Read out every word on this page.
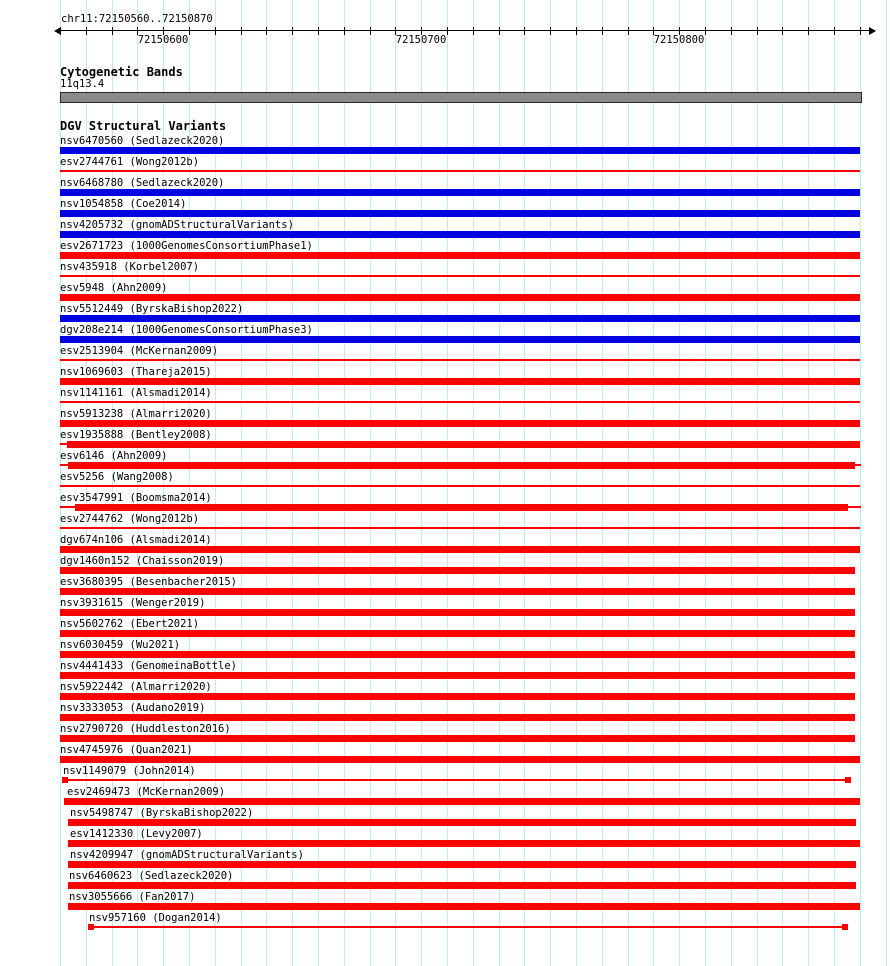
chr11:72150560..72150870
72150600	72150700	72150800
Cytogenetic Bands
11q13.4
DGV Structural Variants
nsv6470560 (Sedlazeck2020)
esv2744761 (Wong2012b)
nsv6468780 (Sedlazeck2020)
nsv1054858 (Coe2014)
nsv4205732 (gnomADStructuralVariants)
esv2671723 (1000GenomesConsortiumPhase1)
nsv435918 (Korbel2007)
esv5948 (Ahn2009)
nsv5512449 (ByrskaBishop2022)
dgv208e214 (1000GenomesConsortiumPhase3)
esv2513904 (McKernan2009)
nsv1069603 (Thareja2015)
nsv1141161 (Alsmadi2014)
nsv5913238 (Almarri2020)
esv1935888 (Bentley2008)
esv6146 (Ahn2009)
esv5256 (Wang2008)
esv3547991 (Boomsma2014)
esv2744762 (Wong2012b)
dgv674n106 (Alsmadi2014)
dgv1460n152 (Chaisson2019)
esv3680395 (Besenbacher2015)
nsv3931615 (Wenger2019)
nsv5602762 (Ebert2021)
nsv6030459 (Wu2021)
nsv4441433 (GenomeinaBottle)
nsv5922442 (Almarri2020)
nsv3333053 (Audano2019)
nsv2790720 (Huddleston2016)
nsv4745976 (Quan2021)
nsv1149079 (John2014)
esv2469473 (McKernan2009)
nsv5498747 (ByrskaBishop2022)
esv1412330 (Levy2007)
nsv4209947 (gnomADStructuralVariants)
nsv6460623 (Sedlazeck2020)
nsv3055666 (Fan2017)
nsv957160 (Dogan2014)
